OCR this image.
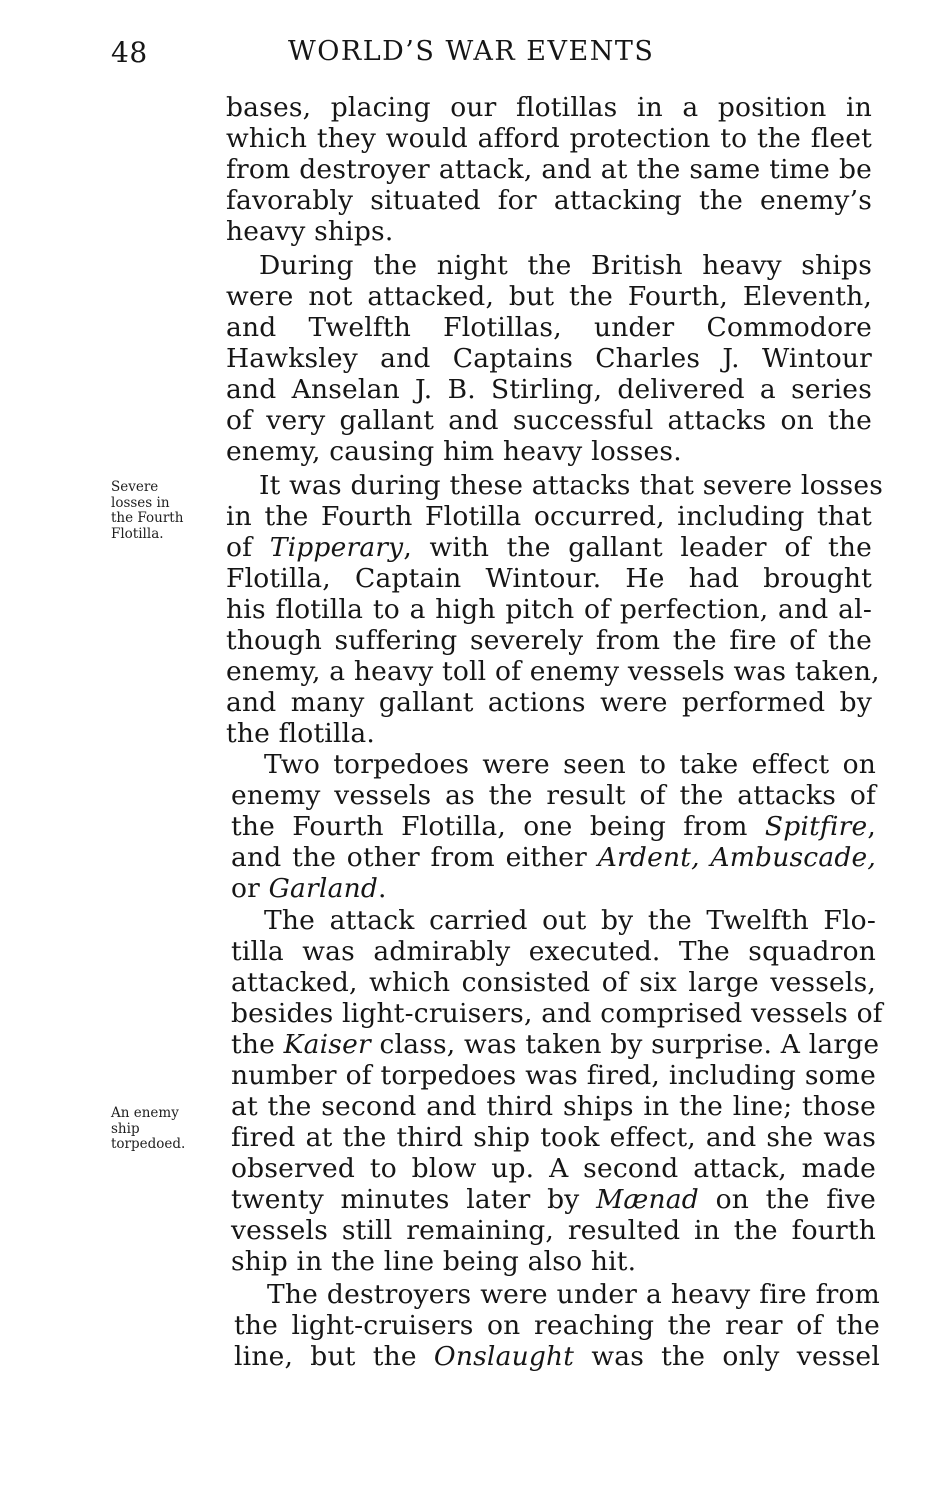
48	WORLD’S WAR EVENTS
Severe
losses in
the Fourth
Flotilla.
An enemy
ship
torpedoed.
bases, placing our flotillas in a position in
which they would afford protection to the fleet
from destroyer attack, and at the same time be
favorably situated for attacking the enemy’s
heavy ships.
During the night the British heavy ships
were not attacked, but the Fourth, Eleventh,
and Twelfth Flotillas, under Commodore
Hawksley and Captains Charles J. Wintour
and Anselan J. B. Stirling, delivered a series
of very gallant and successful attacks on the
enemy, causing him heavy losses.
It was during these attacks that severe losses
in the Fourth Flotilla occurred, including that
of Tipperary, with the gallant leader of the
Flotilla, Captain Wintour. He had brought
his flotilla to a high pitch of perfection, and al-
though suffering severely from the fire of the
enemy, a heavy toll of enemy vessels was taken,
and many gallant actions were performed by
the flotilla.
Two torpedoes were seen to take effect on
enemy vessels as the result of the attacks of
the Fourth Flotilla, one being from Spitfire,
and the other from either Ardent, Ambuscade,
or Garland.
The attack carried out by the Twelfth Flo-
tilla was admirably executed. The squadron
attacked, which consisted of six large vessels,
besides light-cruisers, and comprised vessels of
the Kaiser class, was taken by surprise. A large
number of torpedoes was fired, including some
at the second and third ships in the line; those
fired at the third ship took effect, and she was
observed to blow up. A second attack, made
twenty minutes later by Mænad on the five
vessels still remaining, resulted in the fourth
ship in the line being also hit.
The destroyers were under a heavy fire from
the light-cruisers on reaching the rear of the
line, but the Onslaught was the only vessel
